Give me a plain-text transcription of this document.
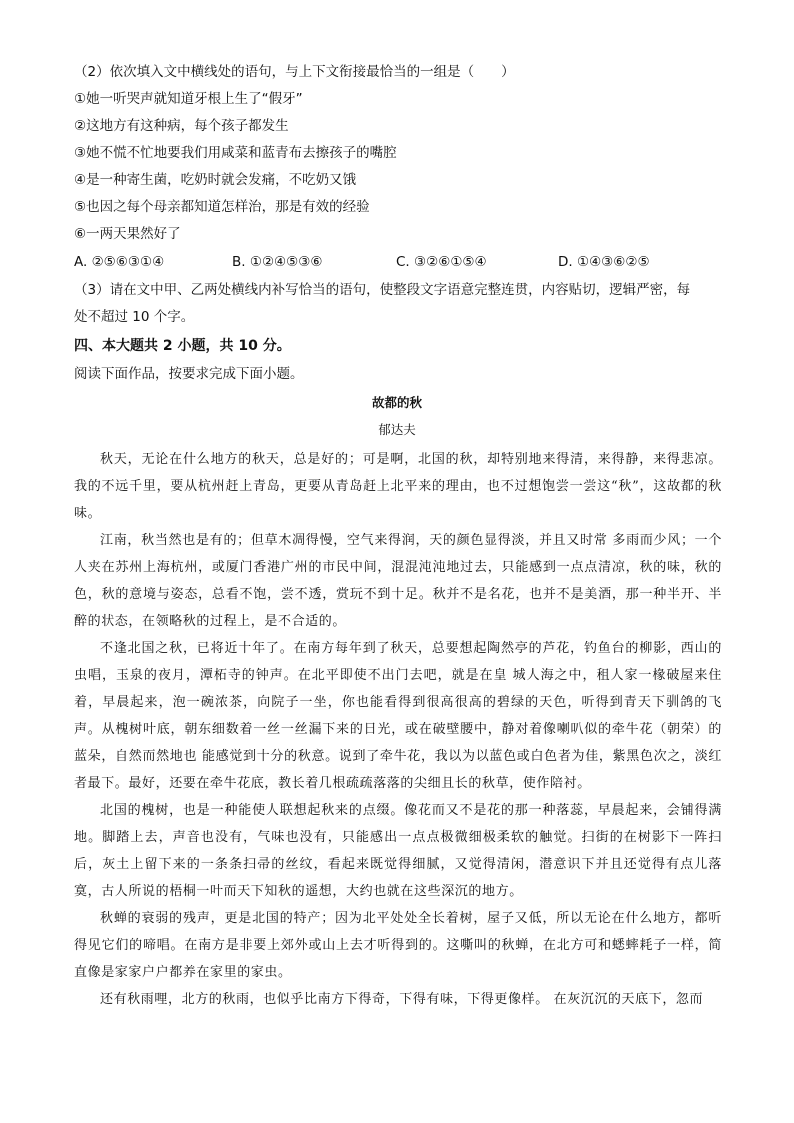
（2）依次填入文中横线处的语句，与上下文衔接最恰当的一组是（　　）
①她一听哭声就知道牙根上生了“假牙”
②这地方有这种病，每个孩子都发生
③她不慌不忙地要我们用咸菜和蓝青布去擦孩子的嘴腔
④是一种寄生菌，吃奶时就会发痛，不吃奶又饿
⑤也因之每个母亲都知道怎样治，那是有效的经验
⑥一两天果然好了
A. ②⑤⑥③①④	B. ①②④⑤③⑥	C. ③②⑥①⑤④	D. ①④③⑥②⑤
（3）请在文中甲、乙两处横线内补写恰当的语句，使整段文字语意完整连贯，内容贴切，逻辑严密，每
处不超过 10 个字。
四、本大题共 2 小题，共 10 分。
阅读下面作品，按要求完成下面小题。
故都的秋
郁达夫

秋天，无论在什么地方的秋天，总是好的；可是啊，北国的秋，却特别地来得清，来得静，来得悲凉。我的不远千里，要从杭州赶上青岛，更要从青岛赶上北平来的理由，也不过想饱尝一尝这“秋”，这故都的秋味。

江南，秋当然也是有的；但草木凋得慢，空气来得润，天的颜色显得淡，并且又时常 多雨而少风；一个人夹在苏州上海杭州，或厦门香港广州的市民中间，混混沌沌地过去，只能感到一点点清凉，秋的味，秋的色，秋的意境与姿态，总看不饱，尝不透，赏玩不到十足。秋并不是名花，也并不是美酒，那一种半开、半醉的状态，在领略秋的过程上，是不合适的。

不逢北国之秋，已将近十年了。在南方每年到了秋天，总要想起陶然亭的芦花，钓鱼台的柳影，西山的虫唱，玉泉的夜月，潭柘寺的钟声。在北平即使不出门去吧，就是在皇 城人海之中，租人家一椽破屋来住着，早晨起来，泡一碗浓茶，向院子一坐，你也能看得到很高很高的碧绿的天色，听得到青天下驯鸽的飞声。从槐树叶底，朝东细数着一丝一丝漏下来的日光，或在破壁腰中，静对着像喇叭似的牵牛花（朝荣）的蓝朵，自然而然地也 能感觉到十分的秋意。说到了牵牛花，我以为以蓝色或白色者为佳，紫黑色次之，淡红者最下。最好，还要在牵牛花底，教长着几根疏疏落落的尖细且长的秋草，使作陪衬。

北国的槐树，也是一种能使人联想起秋来的点缀。像花而又不是花的那一种落蕊，早晨起来，会铺得满地。脚踏上去，声音也没有，气味也没有，只能感出一点点极微细极柔软的触觉。扫街的在树影下一阵扫后，灰土上留下来的一条条扫帚的丝纹，看起来既觉得细腻，又觉得清闲，潜意识下并且还觉得有点儿落寞，古人所说的梧桐一叶而天下知秋的遥想，大约也就在这些深沉的地方。

秋蝉的衰弱的残声，更是北国的特产；因为北平处处全长着树，屋子又低，所以无论在什么地方，都听得见它们的啼唱。在南方是非要上郊外或山上去才听得到的。这嘶叫的秋蝉，在北方可和蟋蟀耗子一样，简直像是家家户户都养在家里的家虫。

还有秋雨哩，北方的秋雨，也似乎比南方下得奇，下得有味，下得更像样。 在灰沉沉的天底下，忽而
